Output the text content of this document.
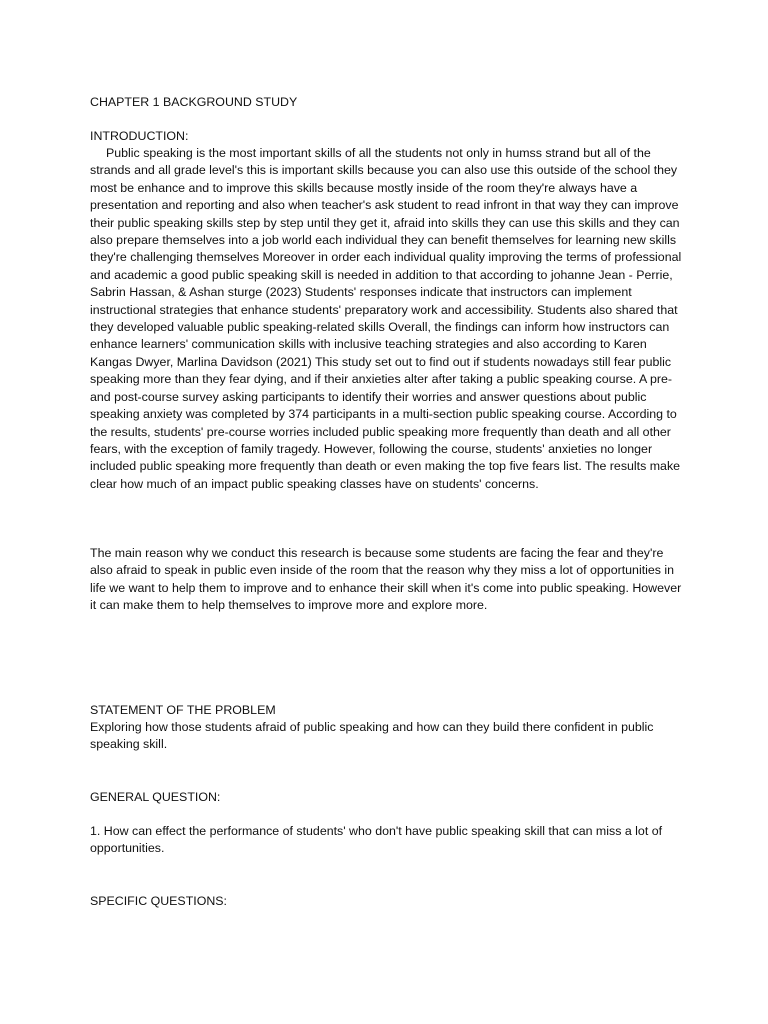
CHAPTER 1 BACKGROUND STUDY

INTRODUCTION:

Public speaking is the most important skills of all the students not only in humss strand but all of the strands and all grade level's this is important skills because you can also use this outside of the school they most be enhance and to improve this skills because mostly inside of the room they're always have a presentation and reporting and also when teacher's ask student to read infront in that way they can improve their public speaking skills step by step until they get it, afraid into skills they can use this skills and they can also prepare themselves into a job world each individual they can benefit themselves for learning new skills they're challenging themselves Moreover in order each individual quality improving the terms of professional and academic a good public speaking skill is needed in addition to that according to johanne Jean - Perrie, Sabrin Hassan, & Ashan sturge (2023) Students' responses indicate that instructors can implement instructional strategies that enhance students' preparatory work and accessibility. Students also shared that they developed valuable public speaking-related skills Overall, the findings can inform how instructors can enhance learners' communication skills with inclusive teaching strategies and also according to Karen Kangas Dwyer, Marlina Davidson (2021) This study set out to find out if students nowadays still fear public speaking more than they fear dying, and if their anxieties alter after taking a public speaking course. A pre- and post-course survey asking participants to identify their worries and answer questions about public speaking anxiety was completed by 374 participants in a multi-section public speaking course. According to the results, students' pre-course worries included public speaking more frequently than death and all other fears, with the exception of family tragedy. However, following the course, students' anxieties no longer included public speaking more frequently than death or even making the top five fears list. The results make clear how much of an impact public speaking classes have on students' concerns.

The main reason why we conduct this research is because some students are facing the fear and they're also afraid to speak in public even inside of the room that the reason why they miss a lot of opportunities in life we want to help them to improve and to enhance their skill when it's come into public speaking. However it can make them to help themselves to improve more and explore more.

STATEMENT OF THE PROBLEM

Exploring how those students afraid of public speaking and how can they build there confident in public speaking skill.

GENERAL QUESTION:

1. How can effect the performance of students' who don't have public speaking skill that can miss a lot of opportunities.

SPECIFIC QUESTIONS:
